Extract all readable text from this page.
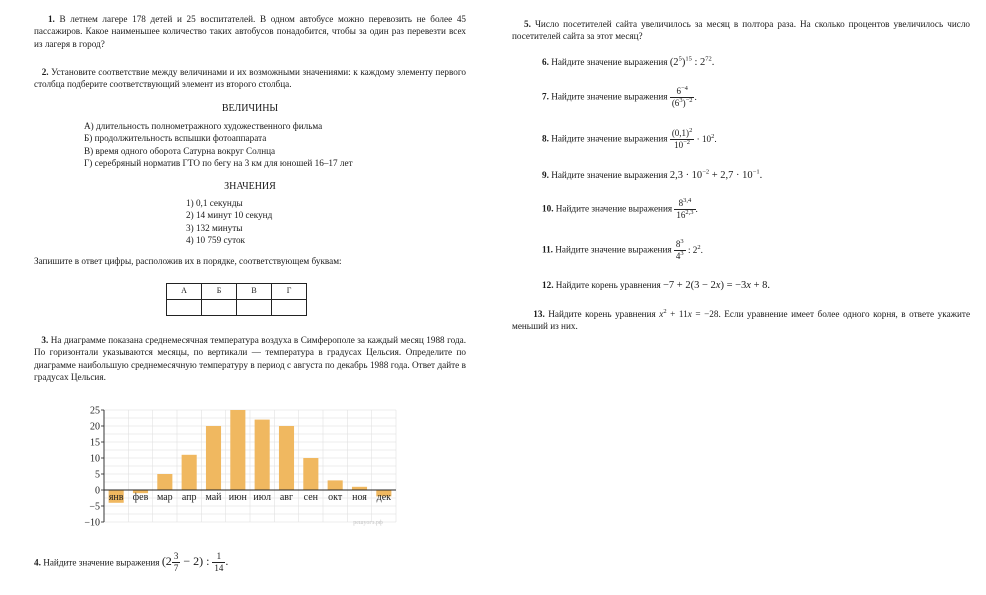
1. В летнем лагере 178 детей и 25 воспитателей. В одном автобусе можно перевозить не более 45 пассажиров. Какое наименьшее количество таких автобусов понадобится, чтобы за один раз перевезти всех из лагеря в город?
2. Установите соответствие между величинами и их возможными значениями: к каждому элементу первого столбца подберите соответствующий элемент из второго столбца.
ВЕЛИЧИНЫ
А) длительность полнометражного художественного фильма
Б) продолжительность вспышки фотоаппарата
В) время одного оборота Сатурна вокруг Солнца
Г) серебряный норматив ГТО по бегу на 3 км для юношей 16–17 лет
ЗНАЧЕНИЯ
1) 0,1 секунды
2) 14 минут 10 секунд
3) 132 минуты
4) 10 759 суток
Запишите в ответ цифры, расположив их в порядке, соответствующем буквам:
А	Б	В	Г

3. На диаграмме показана среднемесячная температура воздуха в Симферополе за каждый месяц 1988 года. По горизонтали указываются месяцы, по вертикали — температура в градусах Цельсия. Определите по диаграмме наибольшую среднемесячную температуру в период с августа по декабрь 1988 года. Ответ дайте в градусах Цельсия.
4. Найдите значение выражения $(2 \frac{3}{7} - 2)$ : $\frac{1}{14}$ .
−10
−5
0
5
10
15
20
25
янв фев мар апр май июн июл авг сен окт ноя дек
решуогэ.рф
5. Число посетителей сайта увеличилось за месяц в полтора раза. На сколько процентов увеличилось число посетителей сайта за этот месяц?
6. Найдите значение выражения $(2^5)^{15}$ : $2^{72}$.
7. Найдите значение выражения $\frac{6^{-4}}{(6^3)^{-2}}$ .
8. Найдите значение выражения $\frac{(0,1)^2}{10^{-2}} \cdot 10^2$.
9. Найдите значение выражения $2,3 \cdot 10^{-2} + 2,7 \cdot 10^{-1}$.
10. Найдите значение выражения $\frac{8^{3,4}}{16^{2,3}}$ .
11. Найдите значение выражения $\frac{8^3}{4^3}$ : $2^2$.
12. Найдите корень уравнения −7 + 2(3 − 2x) = −3x + 8.
13. Найдите корень уравнения $x^2 + 11x = -28$. Если уравнение имеет более одного корня, в ответе укажите меньший из них.
